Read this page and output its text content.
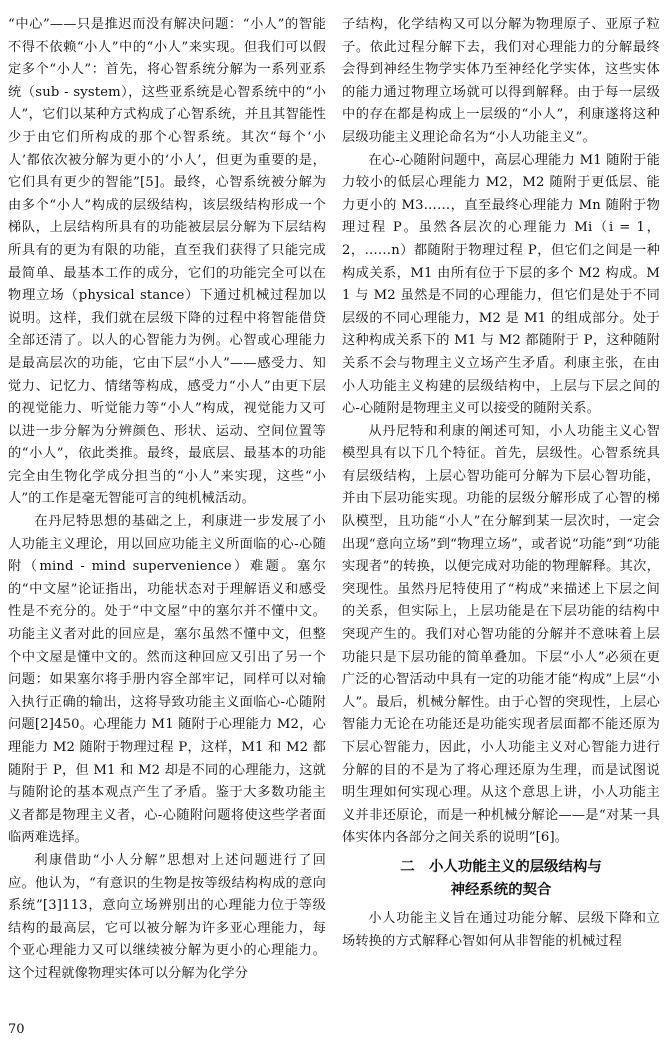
“中心”——只是推迟而没有解决问题：“小人”的智能不得不依赖“小人”中的“小人”来实现。但我们可以假定多个“小人”：首先，将心智系统分解为一系列亚系统（sub - system），这些亚系统是心智系统中的“小人”，它们以某种方式构成了心智系统，并且其智能性少于由它们所构成的那个心智系统。其次“每个‘小人’都依次被分解为更小的‘小人’，但更为重要的是，它们具有更少的智能”[5]。最终，心智系统被分解为由多个“小人”构成的层级结构，该层级结构形成一个梯队，上层结构所具有的功能被层层分解为下层结构所具有的更为有限的功能，直至我们获得了只能完成最简单、最基本工作的成分，它们的功能完全可以在物理立场（physical stance）下通过机械过程加以说明。这样，我们就在层级下降的过程中将智能借贷全部还清了。以人的心智能力为例。心智或心理能力是最高层次的功能，它由下层“小人”——感受力、知觉力、记忆力、情绪等构成，感受力“小人”由更下层的视觉能力、听觉能力等“小人”构成，视觉能力又可以进一步分解为分辨颜色、形状、运动、空间位置等的“小人”，依此类推。最终，最底层、最基本的功能完全由生物化学成分担当的“小人”来实现，这些“小人”的工作是毫无智能可言的纯机械活动。

在丹尼特思想的基础之上，利康进一步发展了小人功能主义理论，用以回应功能主义所面临的心-心随附（mind - mind supervenience）难题。塞尔的“中文屋”论证指出，功能状态对于理解语义和感受性是不充分的。处于“中文屋”中的塞尔并不懂中文。功能主义者对此的回应是，塞尔虽然不懂中文，但整个中文屋是懂中文的。然而这种回应又引出了另一个问题：如果塞尔将手册内容全部牢记，同样可以对输入执行正确的输出，这将导致功能主义面临心-心随附问题[2]450。心理能力 M1 随附于心理能力 M2，心理能力 M2 随附于物理过程 P，这样，M1 和 M2 都随附于 P，但 M1 和 M2 却是不同的心理能力，这就与随附论的基本观点产生了矛盾。鉴于大多数功能主义者都是物理主义者，心-心随附问题将使这些学者面临两难选择。

利康借助“小人分解”思想对上述问题进行了回应。他认为，“有意识的生物是按等级结构构成的意向系统”[3]113，意向立场辨别出的心理能力位于等级结构的最高层，它可以被分解为许多亚心理能力，每个亚心理能力又可以继续被分解为更小的心理能力。这个过程就像物理实体可以分解为化学分

子结构，化学结构又可以分解为物理原子、亚原子粒子。依此过程分解下去，我们对心理能力的分解最终会得到神经生物学实体乃至神经化学实体，这些实体的能力通过物理立场就可以得到解释。由于每一层级中的存在都是构成上一层级的“小人”，利康遂将这种层级功能主义理论命名为“小人功能主义”。

在心-心随附问题中，高层心理能力 M1 随附于能力较小的低层心理能力 M2，M2 随附于更低层、能力更小的 M3……，直至最终心理能力 Mn 随附于物理过程 P。虽然各层次的心理能力 Mi（i = 1，2，……n）都随附于物理过程 P，但它们之间是一种构成关系，M1 由所有位于下层的多个 M2 构成。M1 与 M2 虽然是不同的心理能力，但它们是处于不同层级的不同心理能力，M2 是 M1 的组成部分。处于这种构成关系下的 M1 与 M2 都随附于 P，这种随附关系不会与物理主义立场产生矛盾。利康主张，在由小人功能主义构建的层级结构中，上层与下层之间的心-心随附是物理主义可以接受的随附关系。

从丹尼特和利康的阐述可知，小人功能主义心智模型具有以下几个特征。首先，层级性。心智系统具有层级结构，上层心智功能可分解为下层心智功能，并由下层功能实现。功能的层级分解形成了心智的梯队模型，且功能“小人”在分解到某一层次时，一定会出现“意向立场”到“物理立场”，或者说“功能”到“功能实现者”的转换，以便完成对功能的物理解释。其次，突现性。虽然丹尼特使用了“构成”来描述上下层之间的关系，但实际上，上层功能是在下层功能的结构中突现产生的。我们对心智功能的分解并不意味着上层功能只是下层功能的简单叠加。下层“小人”必须在更广泛的心智活动中具有一定的功能才能“构成”上层“小人”。最后，机械分解性。由于心智的突现性，上层心智能力无论在功能还是功能实现者层面都不能还原为下层心智能力，因此，小人功能主义对心智能力进行分解的目的不是为了将心理还原为生理，而是试图说明生理如何实现心理。从这个意思上讲，小人功能主义并非还原论，而是一种机械分解论——是“对某一具体实体内各部分之间关系的说明”[6]。

二　小人功能主义的层级结构与
神经系统的契合

小人功能主义旨在通过功能分解、层级下降和立场转换的方式解释心智如何从非智能的机械过程

70
